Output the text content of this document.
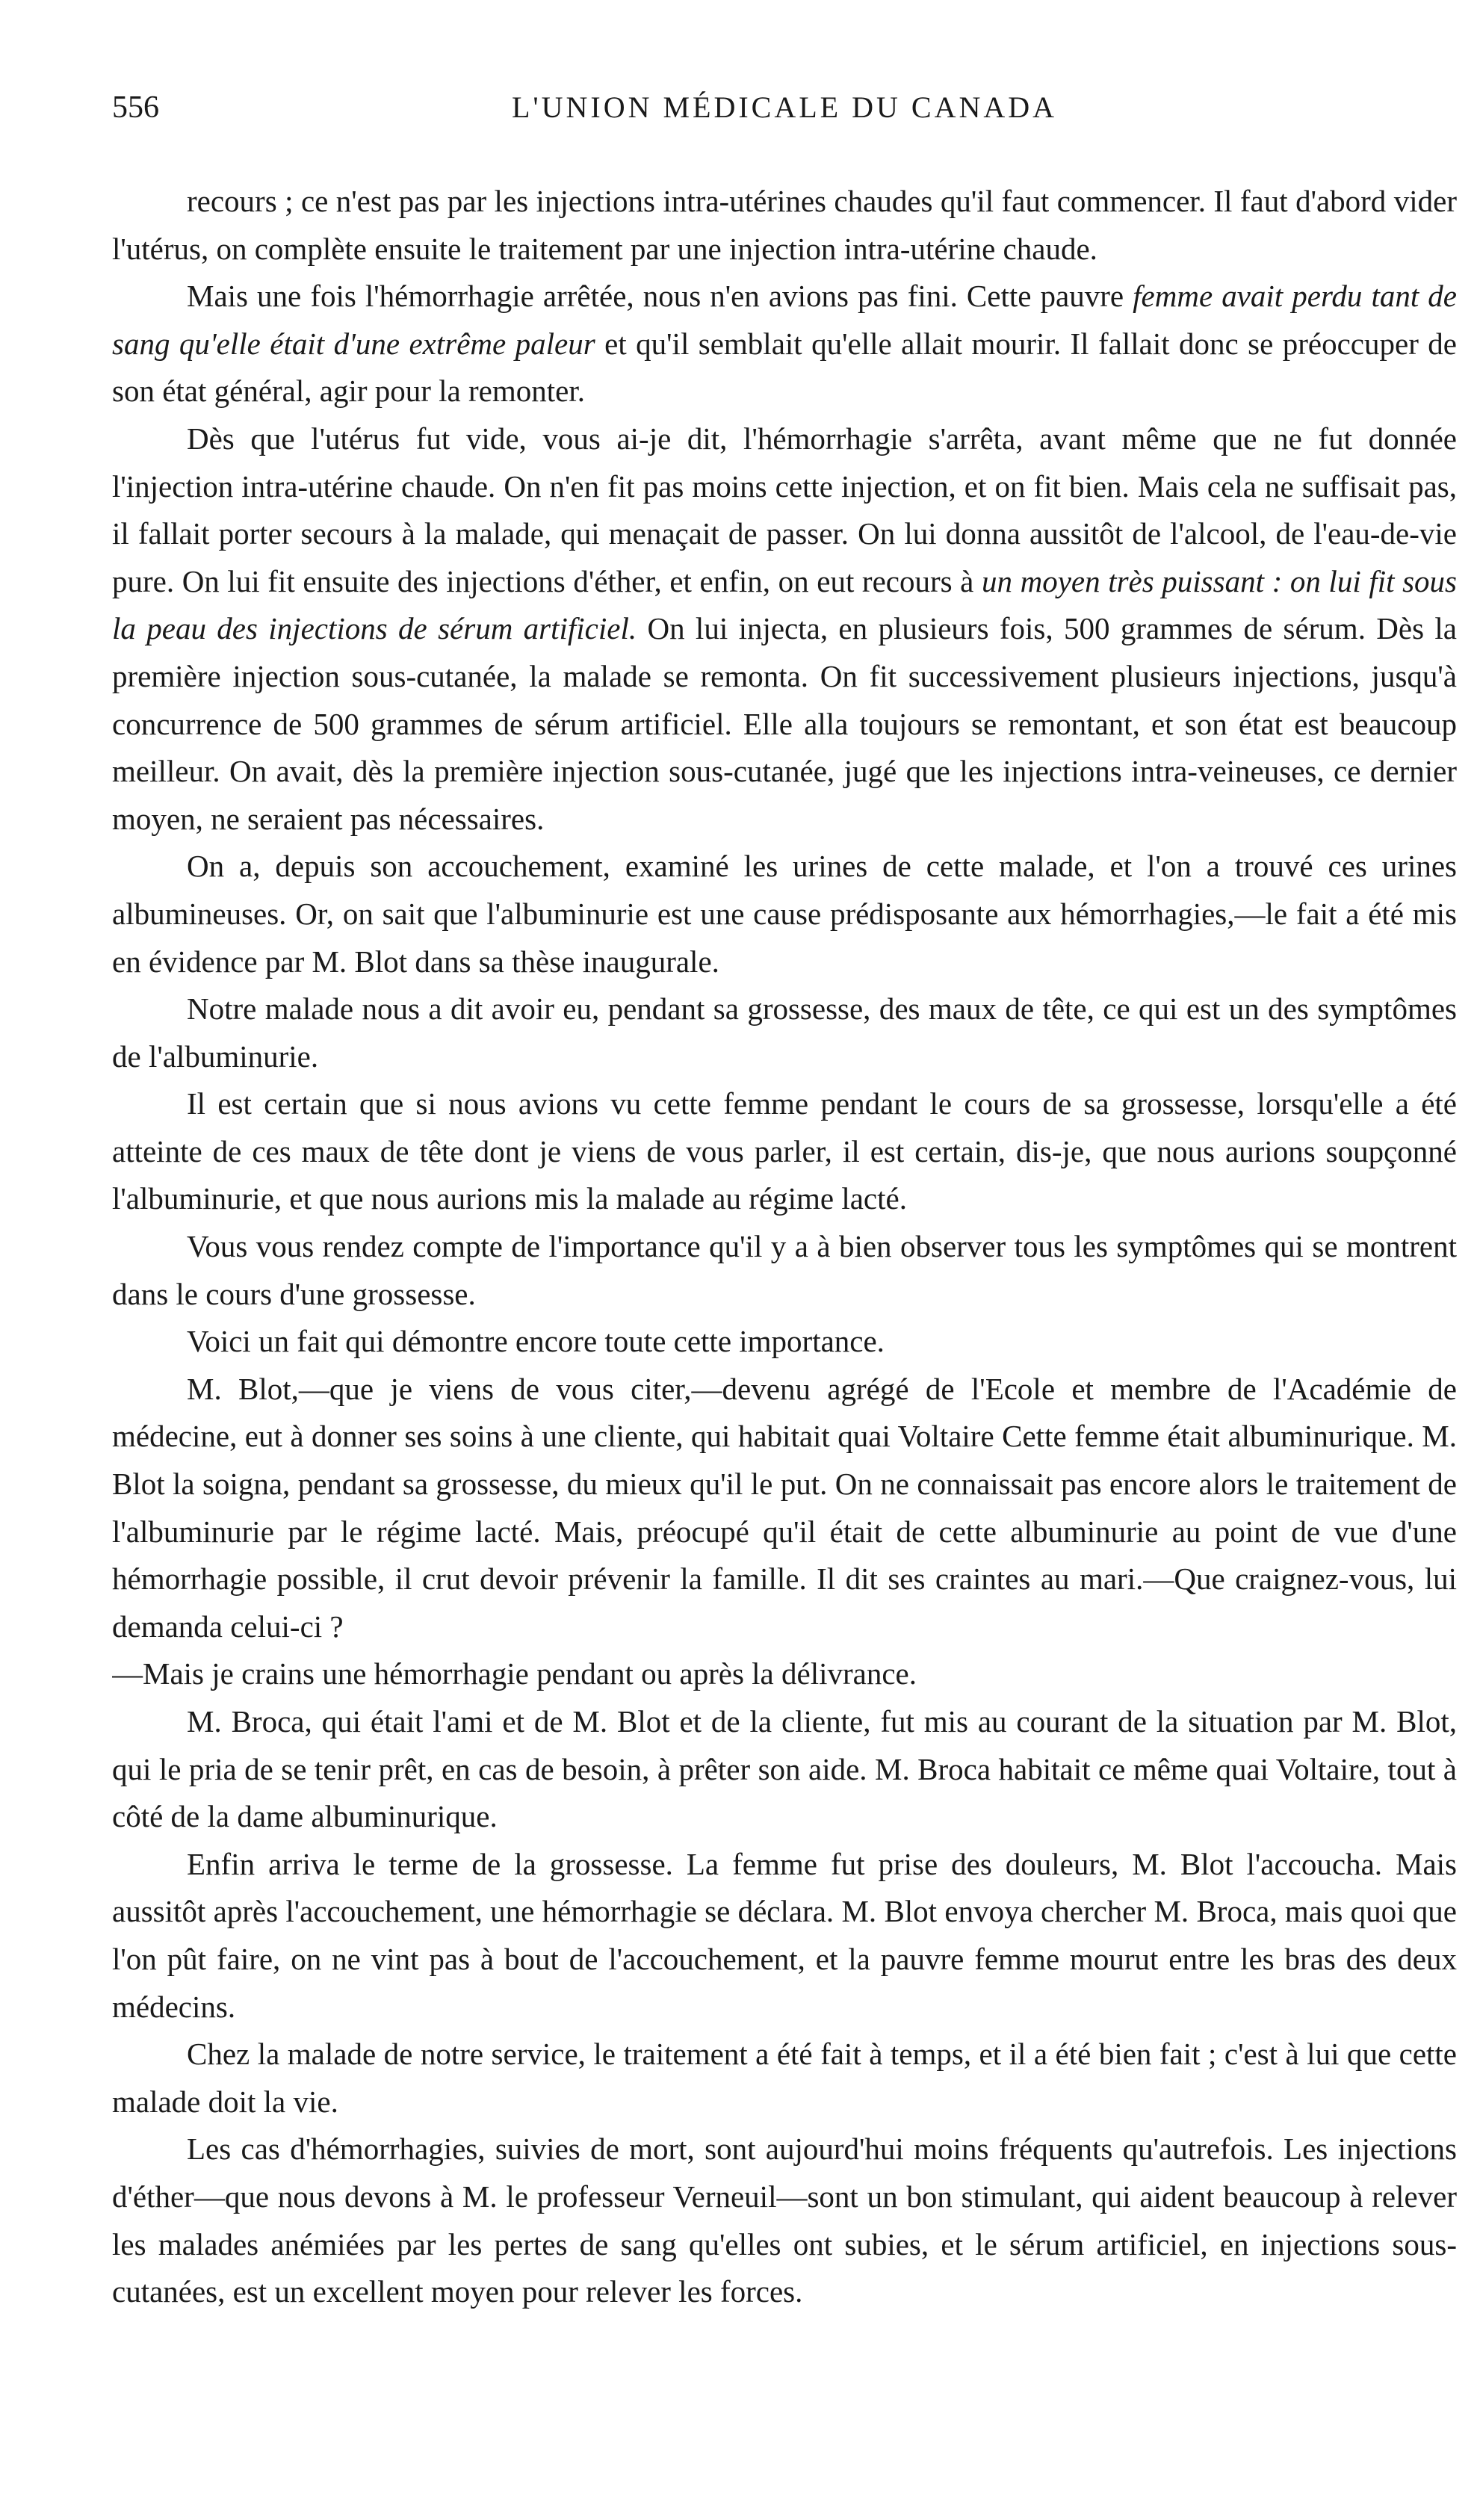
556	L'UNION MÉDICALE DU CANADA

recours ; ce n'est pas par les injections intra-utérines chaudes qu'il faut commencer. Il faut d'abord vider l'utérus, on complète ensuite le traitement par une injection intra-utérine chaude.

Mais une fois l'hémorrhagie arrêtée, nous n'en avions pas fini. Cette pauvre femme avait perdu tant de sang qu'elle était d'une extrême paleur et qu'il semblait qu'elle allait mourir. Il fallait donc se préoccuper de son état général, agir pour la remonter.

Dès que l'utérus fut vide, vous ai-je dit, l'hémorrhagie s'arrêta, avant même que ne fut donnée l'injection intra-utérine chaude. On n'en fit pas moins cette injection, et on fit bien. Mais cela ne suffisait pas, il fallait porter secours à la malade, qui menaçait de passer. On lui donna aussitôt de l'alcool, de l'eau-de-vie pure. On lui fit ensuite des injections d'éther, et enfin, on eut recours à un moyen très puissant : on lui fit sous la peau des injections de sérum artificiel. On lui injecta, en plusieurs fois, 500 grammes de sérum. Dès la première injection sous-cutanée, la malade se remonta. On fit successivement plusieurs injections, jusqu'à concurrence de 500 grammes de sérum artificiel. Elle alla toujours se remontant, et son état est beaucoup meilleur. On avait, dès la première injection sous-cutanée, jugé que les injections intra-veineuses, ce dernier moyen, ne seraient pas nécessaires.

On a, depuis son accouchement, examiné les urines de cette malade, et l'on a trouvé ces urines albumineuses. Or, on sait que l'albuminurie est une cause prédisposante aux hémorrhagies,—le fait a été mis en évidence par M. Blot dans sa thèse inaugurale.

Notre malade nous a dit avoir eu, pendant sa grossesse, des maux de tête, ce qui est un des symptômes de l'albuminurie.

Il est certain que si nous avions vu cette femme pendant le cours de sa grossesse, lorsqu'elle a été atteinte de ces maux de tête dont je viens de vous parler, il est certain, dis-je, que nous aurions soupçonné l'albuminurie, et que nous aurions mis la malade au régime lacté.

Vous vous rendez compte de l'importance qu'il y a à bien observer tous les symptômes qui se montrent dans le cours d'une grossesse.

Voici un fait qui démontre encore toute cette importance.

M. Blot,—que je viens de vous citer,—devenu agrégé de l'Ecole et membre de l'Académie de médecine, eut à donner ses soins à une cliente, qui habitait quai Voltaire Cette femme était albuminurique. M. Blot la soigna, pendant sa grossesse, du mieux qu'il le put. On ne connaissait pas encore alors le traitement de l'albuminurie par le régime lacté. Mais, préocupé qu'il était de cette albuminurie au point de vue d'une hémorrhagie possible, il crut devoir prévenir la famille. Il dit ses craintes au mari.—Que craignez-vous, lui demanda celui-ci ?

—Mais je crains une hémorrhagie pendant ou après la délivrance.

M. Broca, qui était l'ami et de M. Blot et de la cliente, fut mis au courant de la situation par M. Blot, qui le pria de se tenir prêt, en cas de besoin, à prêter son aide. M. Broca habitait ce même quai Voltaire, tout à côté de la dame albuminurique.

Enfin arriva le terme de la grossesse. La femme fut prise des douleurs, M. Blot l'accoucha. Mais aussitôt après l'accouchement, une hémorrhagie se déclara. M. Blot envoya chercher M. Broca, mais quoi que l'on pût faire, on ne vint pas à bout de l'accouchement, et la pauvre femme mourut entre les bras des deux médecins.

Chez la malade de notre service, le traitement a été fait à temps, et il a été bien fait ; c'est à lui que cette malade doit la vie.

Les cas d'hémorrhagies, suivies de mort, sont aujourd'hui moins fréquents qu'autrefois. Les injections d'éther—que nous devons à M. le professeur Verneuil—sont un bon stimulant, qui aident beaucoup à relever les malades anémiées par les pertes de sang qu'elles ont subies, et le sérum artificiel, en injections sous-cutanées, est un excellent moyen pour relever les forces.
